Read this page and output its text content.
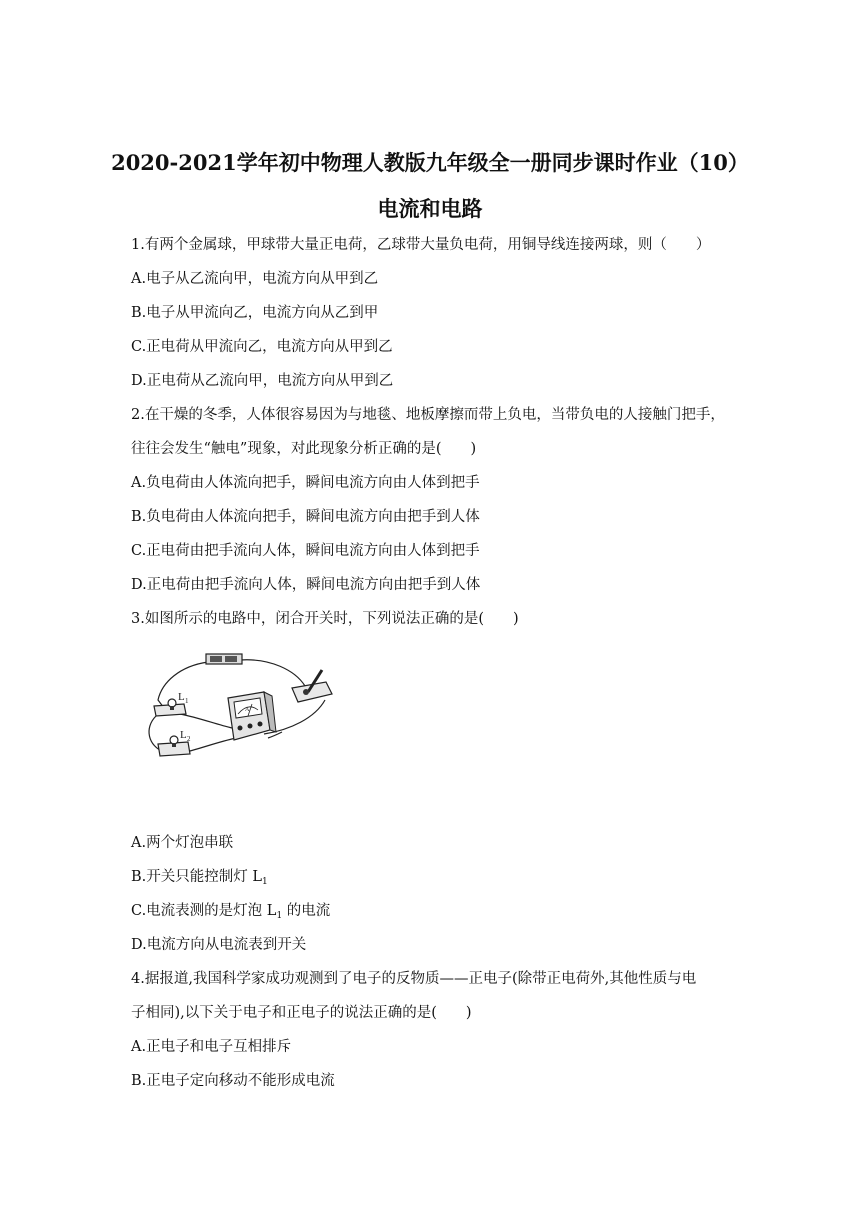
2020-2021学年初中物理人教版九年级全一册同步课时作业（10）
电流和电路
1.有两个金属球，甲球带大量正电荷，乙球带大量负电荷，用铜导线连接两球，则（　　）
A.电子从乙流向甲，电流方向从甲到乙
B.电子从甲流向乙，电流方向从乙到甲
C.正电荷从甲流向乙，电流方向从甲到乙
D.正电荷从乙流向甲，电流方向从甲到乙
2.在干燥的冬季，人体很容易因为与地毯、地板摩擦而带上负电，当带负电的人接触门把手，
往往会发生“触电”现象，对此现象分析正确的是(　　)
A.负电荷由人体流向把手，瞬间电流方向由人体到把手
B.负电荷由人体流向把手，瞬间电流方向由把手到人体
C.正电荷由把手流向人体，瞬间电流方向由人体到把手
D.正电荷由把手流向人体，瞬间电流方向由把手到人体
3.如图所示的电路中，闭合开关时，下列说法正确的是(　　)
L 1
L 2
A
A.两个灯泡串联
B.开关只能控制灯 $L_1$
C.电流表测的是灯泡 $L_1$ 的电流
D.电流方向从电流表到开关
4.据报道,我国科学家成功观测到了电子的反物质——正电子(除带正电荷外,其他性质与电
子相同),以下关于电子和正电子的说法正确的是(　　)
A.正电子和电子互相排斥
B.正电子定向移动不能形成电流
